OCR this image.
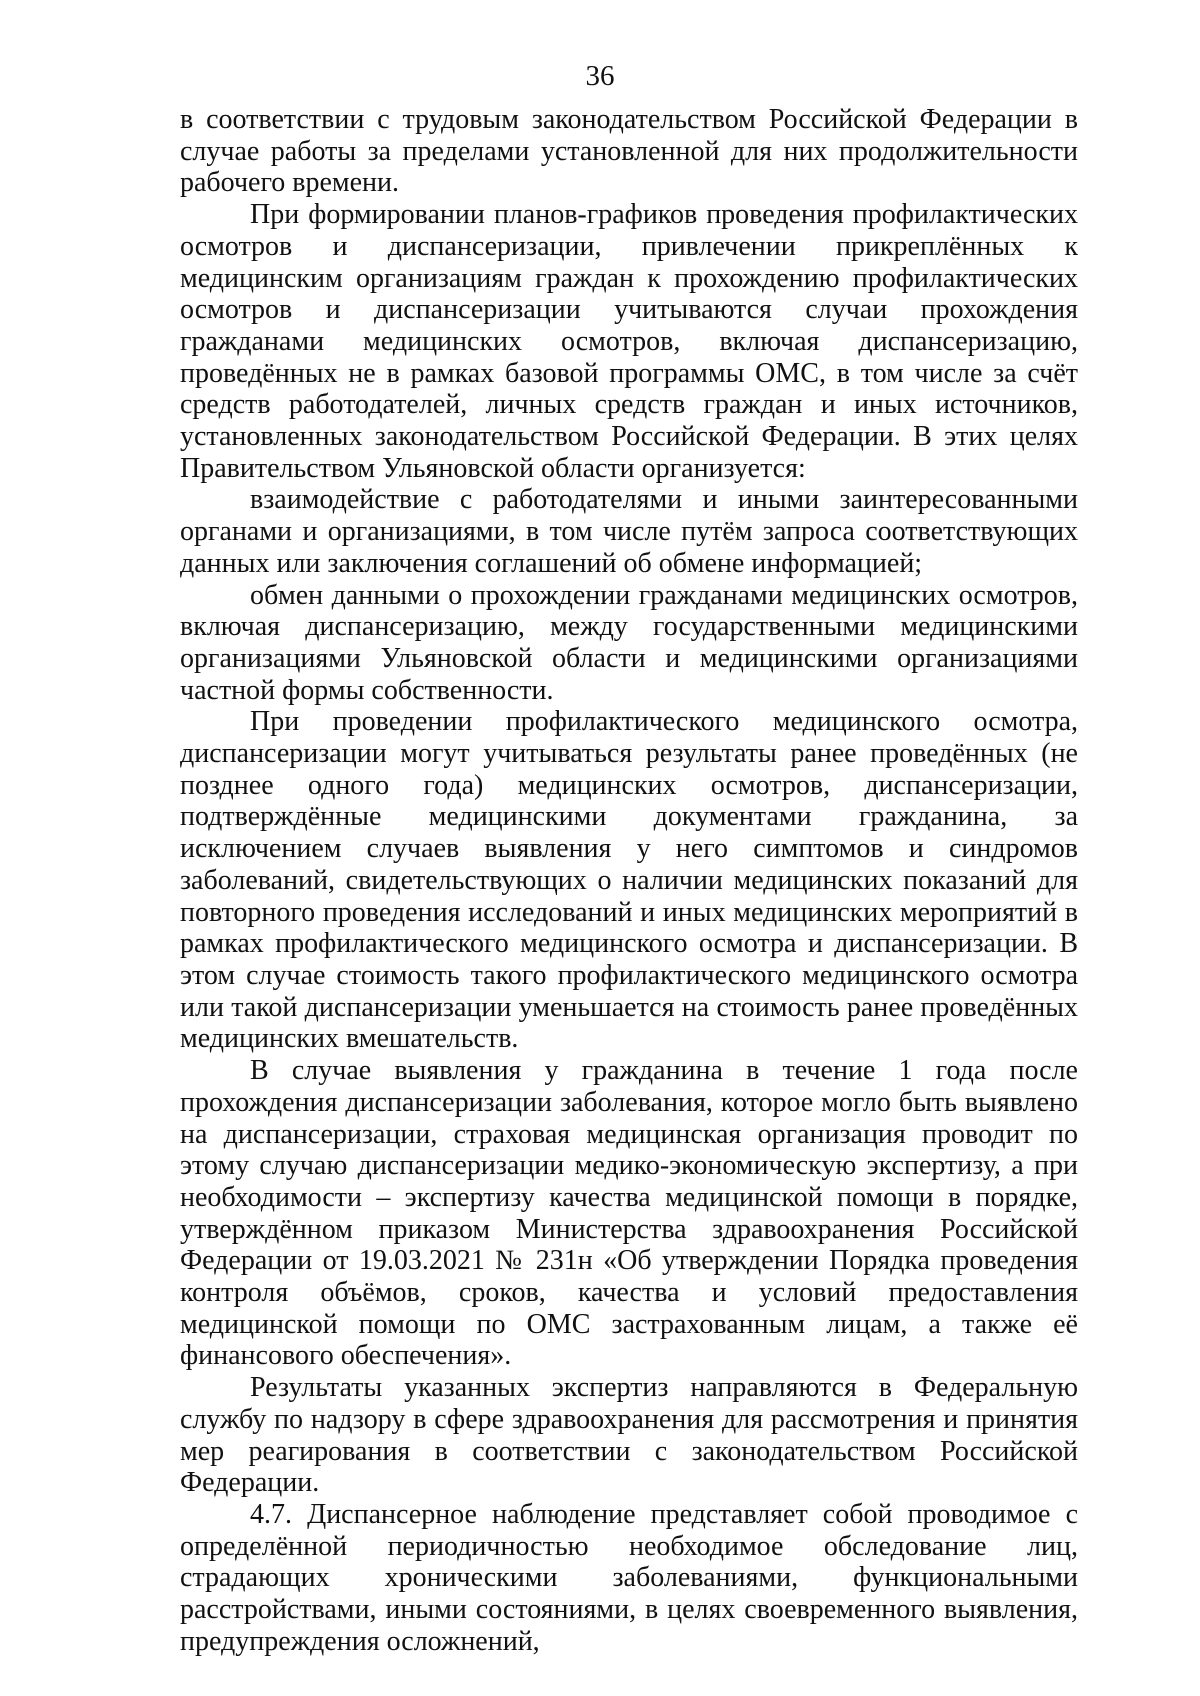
36

в соответствии с трудовым законодательством Российской Федерации в случае работы за пределами установленной для них продолжительности рабочего времени.

При формировании планов-графиков проведения профилактических осмотров и диспансеризации, привлечении прикреплённых к медицинским организациям граждан к прохождению профилактических осмотров и диспансеризации учитываются случаи прохождения гражданами медицинских осмотров, включая диспансеризацию, проведённых не в рамках базовой программы ОМС, в том числе за счёт средств работодателей, личных средств граждан и иных источников, установленных законодательством Российской Федерации. В этих целях Правительством Ульяновской области организуется:

взаимодействие с работодателями и иными заинтересованными органами и организациями, в том числе путём запроса соответствующих данных или заключения соглашений об обмене информацией;

обмен данными о прохождении гражданами медицинских осмотров, включая диспансеризацию, между государственными медицинскими организациями Ульяновской области и медицинскими организациями частной формы собственности.

При проведении профилактического медицинского осмотра, диспансеризации могут учитываться результаты ранее проведённых (не позднее одного года) медицинских осмотров, диспансеризации, подтверждённые медицинскими документами гражданина, за исключением случаев выявления у него симптомов и синдромов заболеваний, свидетельствующих о наличии медицинских показаний для повторного проведения исследований и иных медицинских мероприятий в рамках профилактического медицинского осмотра и диспансеризации. В этом случае стоимость такого профилактического медицинского осмотра или такой диспансеризации уменьшается на стоимость ранее проведённых медицинских вмешательств.

В случае выявления у гражданина в течение 1 года после прохождения диспансеризации заболевания, которое могло быть выявлено на диспансеризации, страховая медицинская организация проводит по этому случаю диспансеризации медико-экономическую экспертизу, а при необходимости – экспертизу качества медицинской помощи в порядке, утверждённом приказом Министерства здравоохранения Российской Федерации от 19.03.2021 № 231н «Об утверждении Порядка проведения контроля объёмов, сроков, качества и условий предоставления медицинской помощи по ОМС застрахованным лицам, а также её финансового обеспечения».

Результаты указанных экспертиз направляются в Федеральную службу по надзору в сфере здравоохранения для рассмотрения и принятия мер реагирования в соответствии с законодательством Российской Федерации.

4.7. Диспансерное наблюдение представляет собой проводимое с определённой периодичностью необходимое обследование лиц, страдающих хроническими заболеваниями, функциональными расстройствами, иными состояниями, в целях своевременного выявления, предупреждения осложнений,
